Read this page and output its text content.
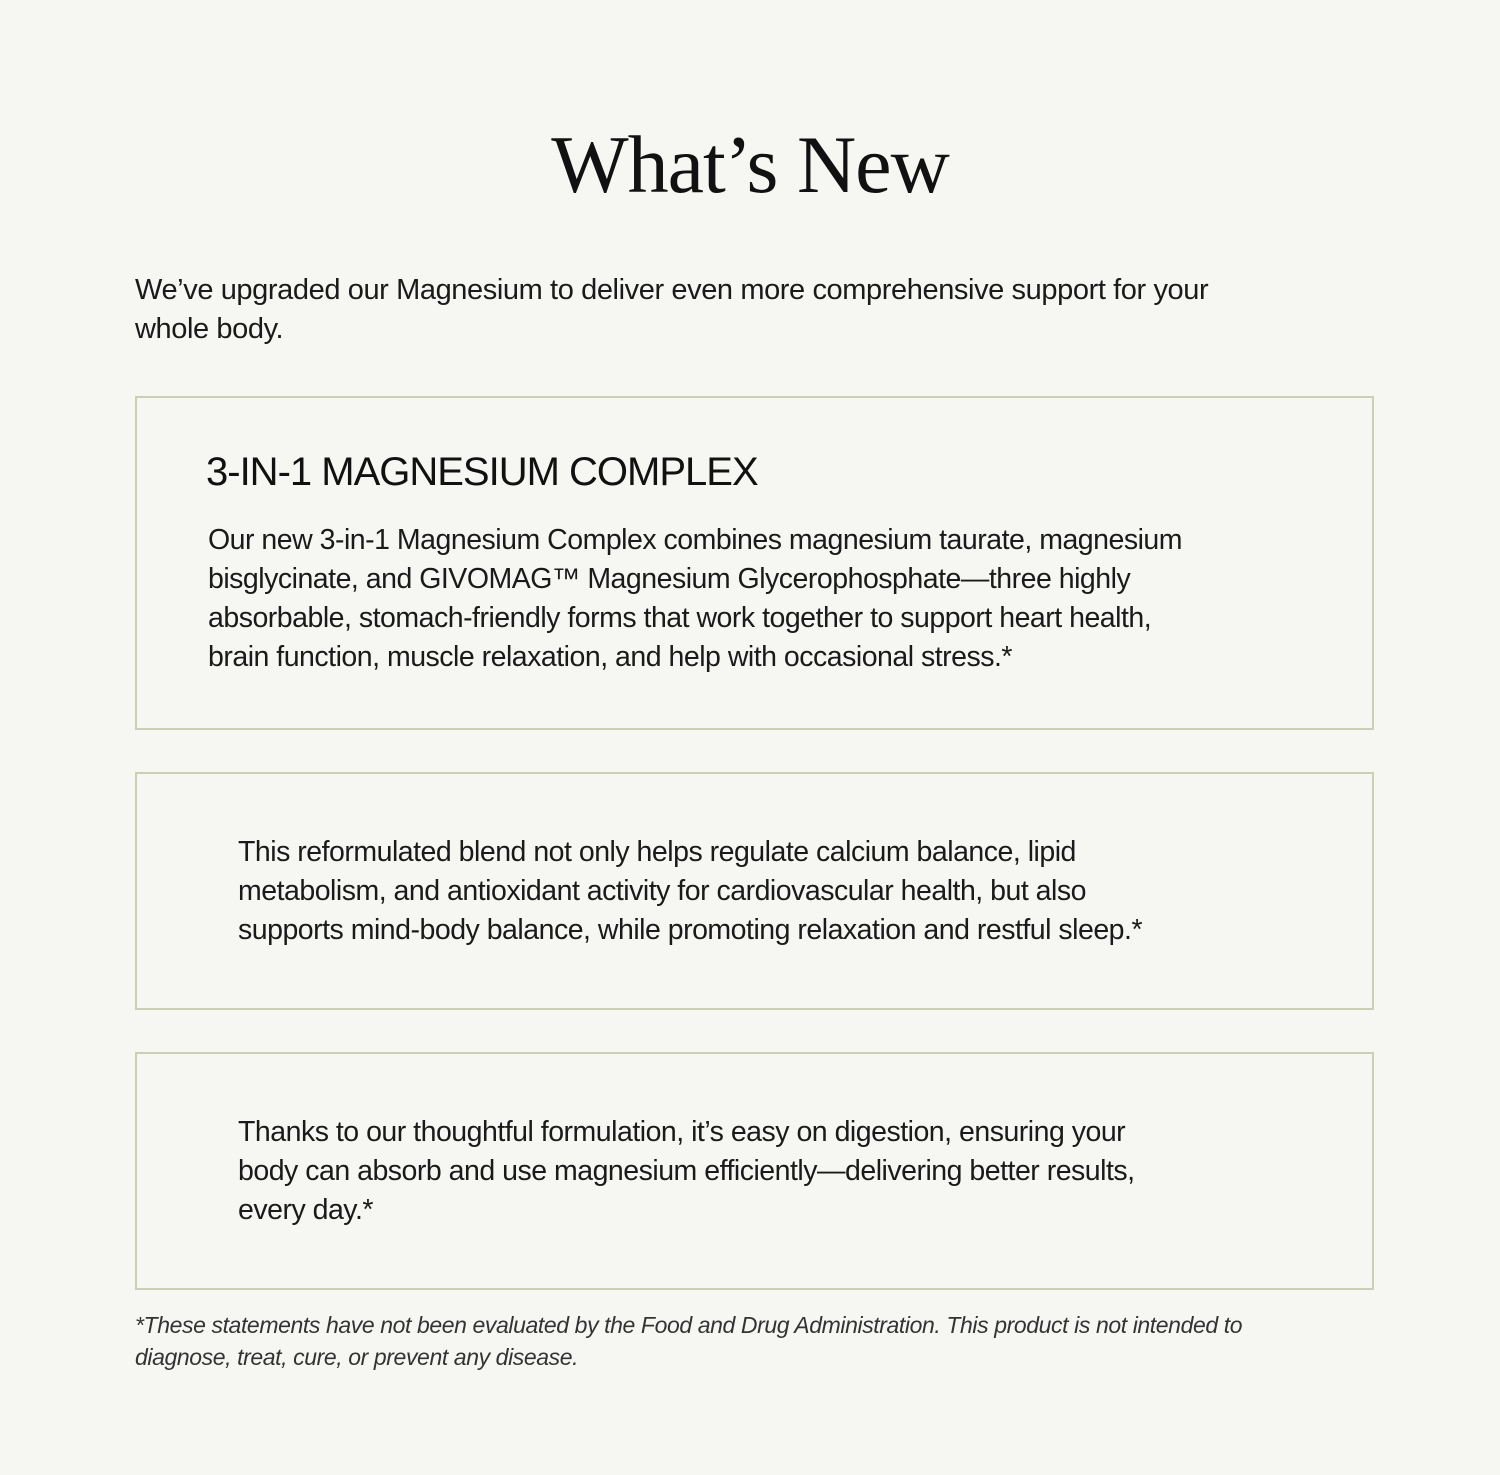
What’s New
We’ve upgraded our Magnesium to deliver even more comprehensive support for your
whole body.
3-IN-1 MAGNESIUM COMPLEX
Our new 3-in-1 Magnesium Complex combines magnesium taurate, magnesium
bisglycinate, and GIVOMAG™ Magnesium Glycerophosphate—three highly
absorbable, stomach-friendly forms that work together to support heart health,
brain function, muscle relaxation, and help with occasional stress.*
This reformulated blend not only helps regulate calcium balance, lipid
metabolism, and antioxidant activity for cardiovascular health, but also
supports mind-body balance, while promoting relaxation and restful sleep.*
Thanks to our thoughtful formulation, it’s easy on digestion, ensuring your
body can absorb and use magnesium efficiently—delivering better results,
every day.*
*These statements have not been evaluated by the Food and Drug Administration. This product is not intended to
diagnose, treat, cure, or prevent any disease.
